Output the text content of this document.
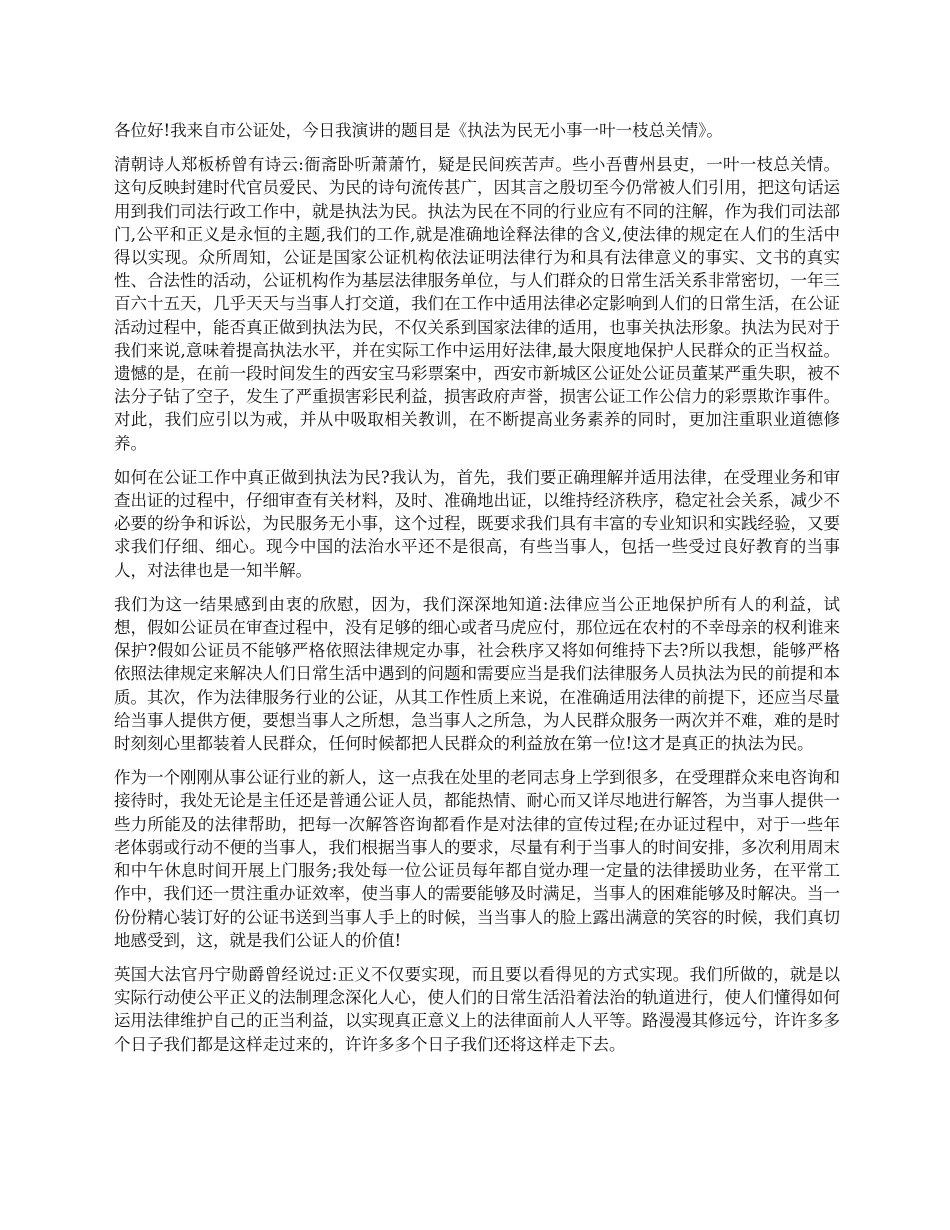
各位好!我来自市公证处，今日我演讲的题目是《执法为民无小事一叶一枝总关情》。

清朝诗人郑板桥曾有诗云:衙斋卧听萧萧竹，疑是民间疾苦声。些小吾曹州县吏，一叶一枝总关情。这句反映封建时代官员爱民、为民的诗句流传甚广，因其言之殷切至今仍常被人们引用，把这句话运用到我们司法行政工作中，就是执法为民。执法为民在不同的行业应有不同的注解，作为我们司法部门,公平和正义是永恒的主题,我们的工作,就是准确地诠释法律的含义,使法律的规定在人们的生活中得以实现。众所周知，公证是国家公证机构依法证明法律行为和具有法律意义的事实、文书的真实性、合法性的活动，公证机构作为基层法律服务单位，与人们群众的日常生活关系非常密切，一年三百六十五天，几乎天天与当事人打交道，我们在工作中适用法律必定影响到人们的日常生活，在公证活动过程中，能否真正做到执法为民，不仅关系到国家法律的适用，也事关执法形象。执法为民对于我们来说,意味着提高执法水平，并在实际工作中运用好法律,最大限度地保护人民群众的正当权益。遗憾的是，在前一段时间发生的西安宝马彩票案中，西安市新城区公证处公证员董某严重失职，被不法分子钻了空子，发生了严重损害彩民利益，损害政府声誉，损害公证工作公信力的彩票欺诈事件。对此，我们应引以为戒，并从中吸取相关教训，在不断提高业务素养的同时，更加注重职业道德修养。

如何在公证工作中真正做到执法为民?我认为，首先，我们要正确理解并适用法律，在受理业务和审查出证的过程中，仔细审查有关材料，及时、准确地出证，以维持经济秩序，稳定社会关系，减少不必要的纷争和诉讼，为民服务无小事，这个过程，既要求我们具有丰富的专业知识和实践经验，又要求我们仔细、细心。现今中国的法治水平还不是很高，有些当事人，包括一些受过良好教育的当事人，对法律也是一知半解。

我们为这一结果感到由衷的欣慰，因为，我们深深地知道:法律应当公正地保护所有人的利益，试想，假如公证员在审查过程中，没有足够的细心或者马虎应付，那位远在农村的不幸母亲的权利谁来保护?假如公证员不能够严格依照法律规定办事，社会秩序又将如何维持下去?所以我想，能够严格依照法律规定来解决人们日常生活中遇到的问题和需要应当是我们法律服务人员执法为民的前提和本质。其次，作为法律服务行业的公证，从其工作性质上来说，在准确适用法律的前提下，还应当尽量给当事人提供方便，要想当事人之所想，急当事人之所急，为人民群众服务一两次并不难，难的是时时刻刻心里都装着人民群众，任何时候都把人民群众的利益放在第一位!这才是真正的执法为民。

作为一个刚刚从事公证行业的新人，这一点我在处里的老同志身上学到很多，在受理群众来电咨询和接待时，我处无论是主任还是普通公证人员，都能热情、耐心而又详尽地进行解答，为当事人提供一些力所能及的法律帮助，把每一次解答咨询都看作是对法律的宣传过程;在办证过程中，对于一些年老体弱或行动不便的当事人，我们根据当事人的要求，尽量有利于当事人的时间安排，多次利用周末和中午休息时间开展上门服务;我处每一位公证员每年都自觉办理一定量的法律援助业务，在平常工作中，我们还一贯注重办证效率，使当事人的需要能够及时满足，当事人的困难能够及时解决。当一份份精心装订好的公证书送到当事人手上的时候，当当事人的脸上露出满意的笑容的时候，我们真切地感受到，这，就是我们公证人的价值!

英国大法官丹宁勋爵曾经说过:正义不仅要实现，而且要以看得见的方式实现。我们所做的，就是以实际行动使公平正义的法制理念深化人心，使人们的日常生活沿着法治的轨道进行，使人们懂得如何运用法律维护自己的正当利益，以实现真正意义上的法律面前人人平等。路漫漫其修远兮，许许多多个日子我们都是这样走过来的，许许多多个日子我们还将这样走下去。
